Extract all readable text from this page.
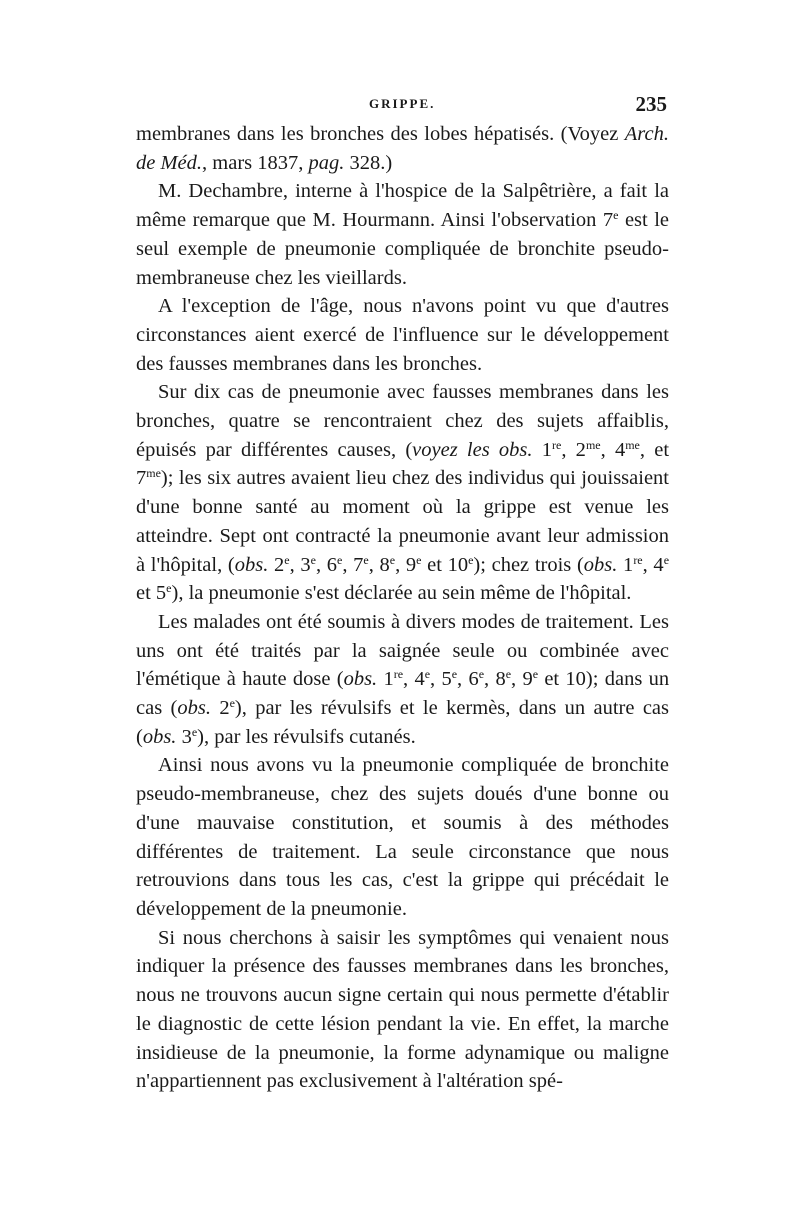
GRIPPE.	235

membranes dans les bronches des lobes hépatisés. (Voyez Arch. de Méd., mars 1837, pag. 328.)

M. Dechambre, interne à l'hospice de la Salpêtrière, a fait la même remarque que M. Hourmann. Ainsi l'observation 7e est le seul exemple de pneumonie compliquée de bronchite pseudo-membraneuse chez les vieillards.

A l'exception de l'âge, nous n'avons point vu que d'autres circonstances aient exercé de l'influence sur le développement des fausses membranes dans les bronches.

Sur dix cas de pneumonie avec fausses membranes dans les bronches, quatre se rencontraient chez des sujets affaiblis, épuisés par différentes causes, (voyez les obs. 1re, $2^{me}$, $4^{me}$, et $7^{me}$); les six autres avaient lieu chez des individus qui jouissaient d'une bonne santé au moment où la grippe est venue les atteindre. Sept ont contracté la pneumonie avant leur admission à l'hôpital, (obs. 2e, 3e, 6e, 7e, 8e, 9e et 10e); chez trois (obs. 1re, 4e et 5e), la pneumonie s'est déclarée au sein même de l'hôpital.

Les malades ont été soumis à divers modes de traitement. Les uns ont été traités par la saignée seule ou combinée avec l'émétique à haute dose (obs. 1re, 4e, 5e, 6e, 8e, 9e et 10); dans un cas (obs. 2e), par les révulsifs et le kermès, dans un autre cas (obs. 3e), par les révulsifs cutanés.

Ainsi nous avons vu la pneumonie compliquée de bronchite pseudo-membraneuse, chez des sujets doués d'une bonne ou d'une mauvaise constitution, et soumis à des méthodes différentes de traitement. La seule circonstance que nous retrouvions dans tous les cas, c'est la grippe qui précédait le développement de la pneumonie.

Si nous cherchons à saisir les symptômes qui venaient nous indiquer la présence des fausses membranes dans les bronches, nous ne trouvons aucun signe certain qui nous permette d'établir le diagnostic de cette lésion pendant la vie. En effet, la marche insidieuse de la pneumonie, la forme adynamique ou maligne n'appartiennent pas exclusivement à l'altération spé-
